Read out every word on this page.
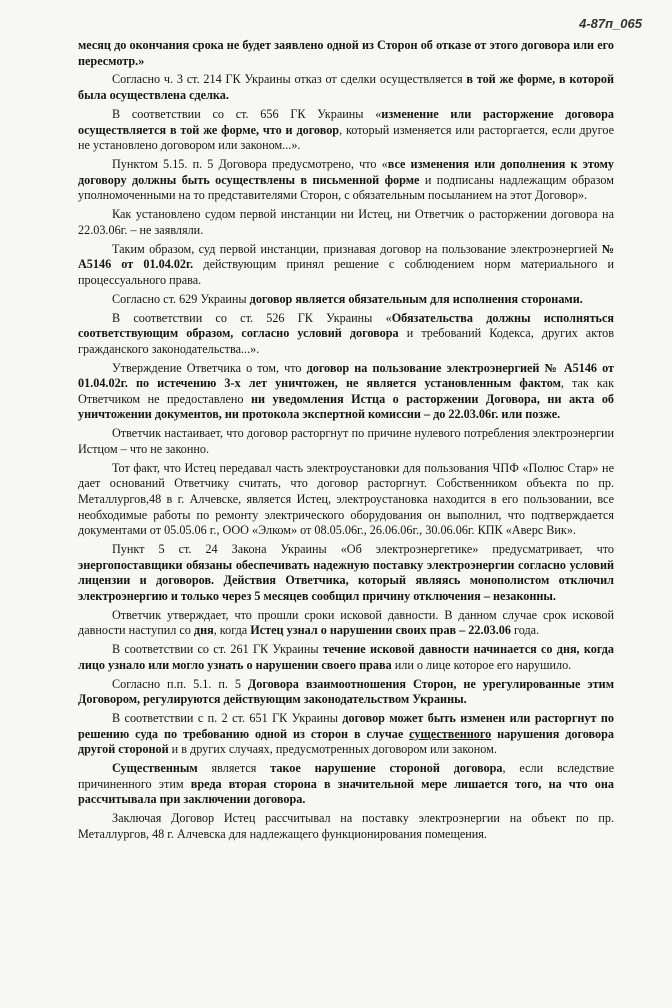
4-87п_065

месяц до окончания срока не будет заявлено одной из Сторон об отказе от этого договора или его пересмотр.»

Согласно ч. 3 ст. 214 ГК Украины отказ от сделки осуществляется в той же форме, в которой была осуществлена сделка.

В соответствии со ст. 656 ГК Украины «изменение или расторжение договора осуществляется в той же форме, что и договор, который изменяется или расторгается, если другое не установлено договором или законом...».

Пунктом 5.15. п. 5 Договора предусмотрено, что «все изменения или дополнения к этому договору должны быть осуществлены в письменной форме и подписаны надлежащим образом уполномоченными на то представителями Сторон, с обязательным посыланием на этот Договор».

Как установлено судом первой инстанции ни Истец, ни Ответчик о расторжении договора на 22.03.06г. – не заявляли.

Таким образом, суд первой инстанции, признавая договор на пользование электроэнергией № А5146 от 01.04.02г. действующим принял решение с соблюдением норм материального и процессуального права.

Согласно ст. 629 Украины договор является обязательным для исполнения сторонами.

В соответствии со ст. 526 ГК Украины «Обязательства должны исполняться соответствующим образом, согласно условий договора и требований Кодекса, других актов гражданского законодательства...».

Утверждение Ответчика о том, что договор на пользование электроэнергией № А5146 от 01.04.02г. по истечению 3-х лет уничтожен, не является установленным фактом, так как Ответчиком не предоставлено ни уведомления Истца о расторжении Договора, ни акта об уничтожении документов, ни протокола экспертной комиссии – до 22.03.06г. или позже.

Ответчик настаивает, что договор расторгнут по причине нулевого потребления электроэнергии Истцом – что не законно.

Тот факт, что Истец передавал часть электроустановки для пользования ЧПФ «Полюс Стар» не дает оснований Ответчику считать, что договор расторгнут. Собственником объекта по пр. Металлургов,48 в г. Алчевске, является Истец, электроустановка находится в его пользовании, все необходимые работы по ремонту электрического оборудования он выполнил, что подтверждается документами от 05.05.06 г., ООО «Элком» от 08.05.06г., 26.06.06г., 30.06.06г. КПК «Аверс Вик».

Пункт 5 ст. 24 Закона Украины «Об электроэнергетике» предусматривает, что энергопоставщики обязаны обеспечивать надежную поставку электроэнергии согласно условий лицензии и договоров. Действия Ответчика, который являясь монополистом отключил электроэнергию и только через 5 месяцев сообщил причину отключения – незаконны.

Ответчик утверждает, что прошли сроки исковой давности. В данном случае срок исковой давности наступил со дня, когда Истец узнал о нарушении своих прав – 22.03.06 года.

В соответствии со ст. 261 ГК Украины течение исковой давности начинается со дня, когда лицо узнало или могло узнать о нарушении своего права или о лице которое его нарушило.

Согласно п.п. 5.1. п. 5 Договора взаимоотношения Сторон, не урегулированные этим Договором, регулируются действующим законодательством Украины.

В соответствии с п. 2 ст. 651 ГК Украины договор может быть изменен или расторгнут по решению суда по требованию одной из сторон в случае существенного нарушения договора другой стороной и в других случаях, предусмотренных договором или законом.

Существенным является такое нарушение стороной договора, если вследствие причиненного этим вреда вторая сторона в значительной мере лишается того, на что она рассчитывала при заключении договора.

Заключая Договор Истец рассчитывал на поставку электроэнергии на объект по пр. Металлургов, 48 г. Алчевска для надлежащего функционирования помещения.
